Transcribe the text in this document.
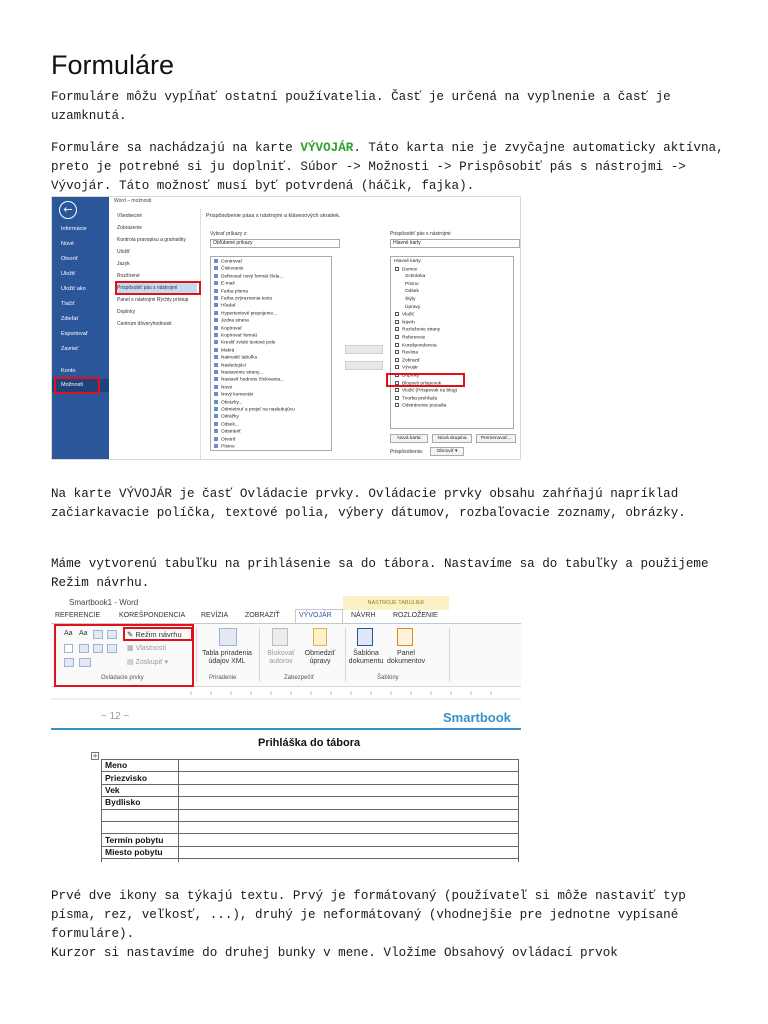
Formuláre

Formuláre môžu vypĺňať ostatní používatelia. Časť je určená na vyplnenie a časť je uzamknutá.

Formuláre sa nachádzajú na karte VÝVOJÁR. Táto karta nie je zvyčajne automaticky aktívna, preto je potrebné si ju doplniť. Súbor -> Možnosti -> Prispôsobiť pás s nástrojmi -> Vývojár. Táto možnosť musí byť potvrdená (háčik, fajka).

←
Informácie
Nové
Otvoriť
Uložiť
Uložiť ako
Tlačiť
Zdieľať
Exportovať
Zavrieť
Konto
Možnosti
Word – možnosti
Všeobecné
Zobrazenie
Kontrola pravopisu a gramatiky
Uložiť
Jazyk
Rozšírené
Prispôsobiť pás s nástrojmi
Panel s nástrojmi Rýchly prístup
Doplnky
Centrum dôveryhodnosti
Prispôsobenie pása s nástrojmi a klávesových skratiek.
Vybrať príkazy z:
Obľúbené príkazy
Centrovať
Číslovanie
Definovať nový formát čísla...
E-mail
Farba písma
Farba zvýraznenia textu
Hľadať
Hypertextové prepojenie...
Jedna strana
Kopírovať
Kopírovať formát
Kresliť zvislé textové pole
Makrá
Nakresliť tabuľku
Nasledujúci
Nastavenie strany...
Nastaviť hodnotu číslovania...
Nové
Nový komentár
Obrázky...
Odmietnuť a prejsť na nasledujúcu
Odrážky
Odsek...
Odstrániť
Otvoriť
Písmo
Prispôsobiť pás s nástrojmi:
Hlavné karty
Hlavné karty
Domov
Schránka
Písmo
Odsek
Štýly
Úpravy
Vložiť
Návrh
Rozloženie strany
Referencie
Korešpondencia
Revízia
Zobraziť
Vývojár
Doplnky
Blogový príspevok
Vložiť (Príspevok na blog)
Tvorba prehľadu
Odstránenie pozadia
Nová karta	Nová skupina	Premenovať...
Prispôsobenia:	Obnoviť ▾

Na karte VÝVOJÁR je časť Ovládacie prvky. Ovládacie prvky obsahu zahŕňajú napríklad začiarkavacie políčka, textové polia, výbery dátumov, rozbaľovacie zoznamy, obrázky.

Máme vytvorenú tabuľku na prihlásenie sa do tábora. Nastavíme sa do tabuľky a použijeme Režim návrhu.

Smartbook1 - Word	NÁSTROJE TABULIEK
REFERENCIE	KOREŠPONDENCIA REVÍZIA ZOBRAZIŤ	VÝVOJÁR	NÁVRH ROZLOŽENIE
Aa Aa	✎ Režim návrhu
▦ Vlastnosti
▤ Zoskupiť ▾
Ovládacie prvky
Tabla priradenia údajov XML
Priradenie
Blokovať autorov
Obmedziť úpravy
Zabezpečiť
Šablóna dokumentu
Panel dokumentov
Šablóny
~ 12 ~	Smartbook
Prihláška do tábora
+
Meno	
Priezvisko	
Vek	
Bydlisko	

Termín pobytu	
Miesto pobytu	

Prvé dve ikony sa týkajú textu. Prvý je formátovaný (používateľ si môže nastaviť typ písma, rez, veľkosť, ...), druhý je neformátovaný (vhodnejšie pre jednotne vypísané formuláre).

Kurzor si nastavíme do druhej bunky v mene. Vložíme Obsahový ovládací prvok
